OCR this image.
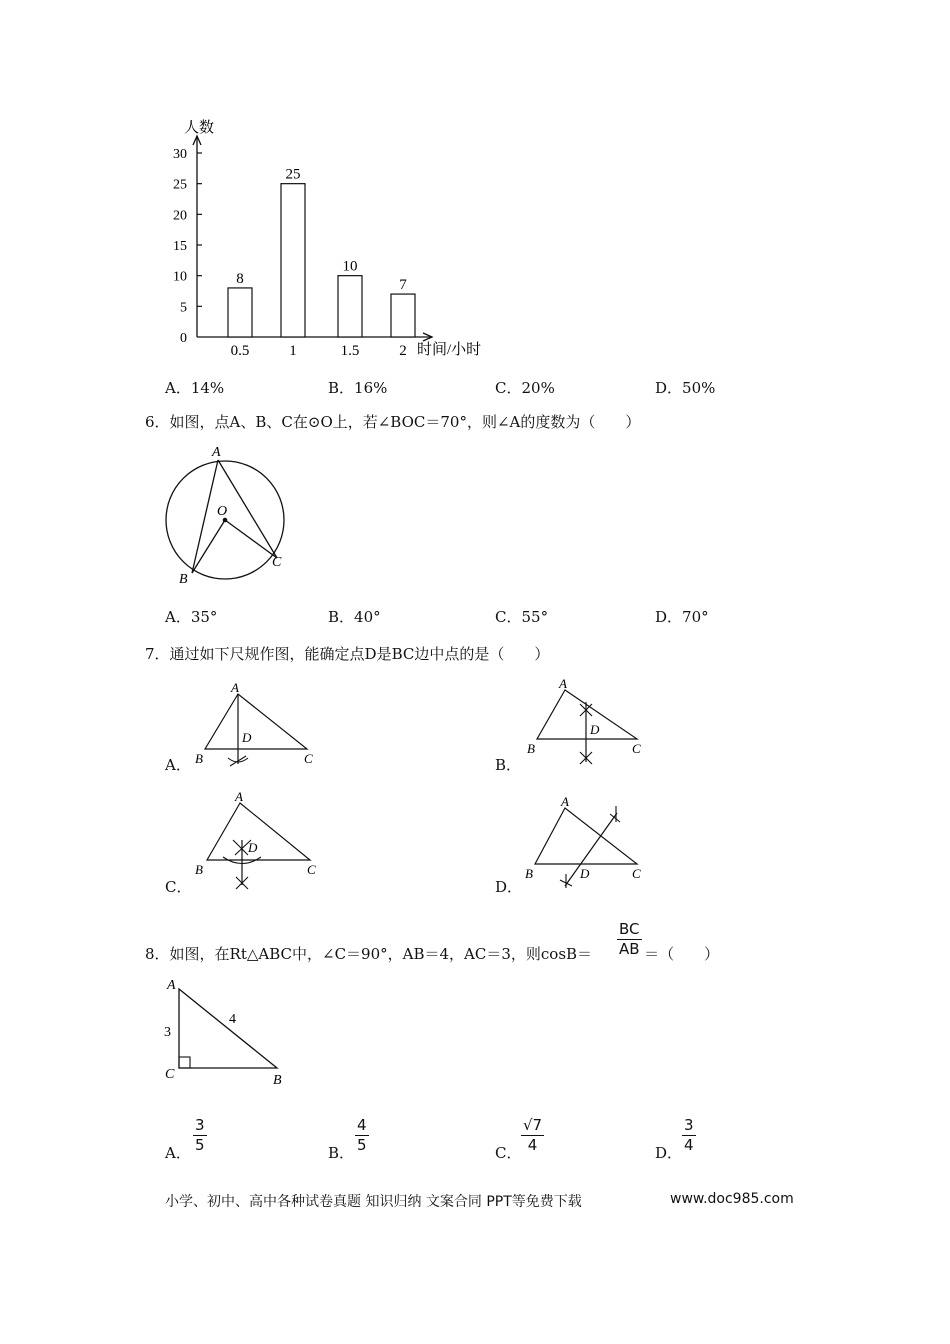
0
5
10
15
20
25
30
人数
时间/小时
8
0.5
25
1
10
1.5
7
2
A．14%	B．16%	C．20%	D．50%
6．如图，点A、B、C在⊙O上，若∠BOC＝70°，则∠A的度数为（　　）
A
O
B
C
A．35°	B．40°	C．55°	D．70°
7．通过如下尺规作图，能确定点D是BC边中点的是（　　）
A．
A
D
B	C	B．
A
D
B	C
C．
A
D
B	C
D．
A
D
B	C
8．如图，在Rt△ABC中，∠C＝90°，AB＝4，AC＝3，则cosB＝	＝（　　）
BC
AB
A
C	B
3
4
A．
3
5	B．
4
5	C．
√7
4	D．
3
4
小学、初中、高中各种试卷真题 知识归纳 文案合同 PPT等免费下载	www.doc985.com
